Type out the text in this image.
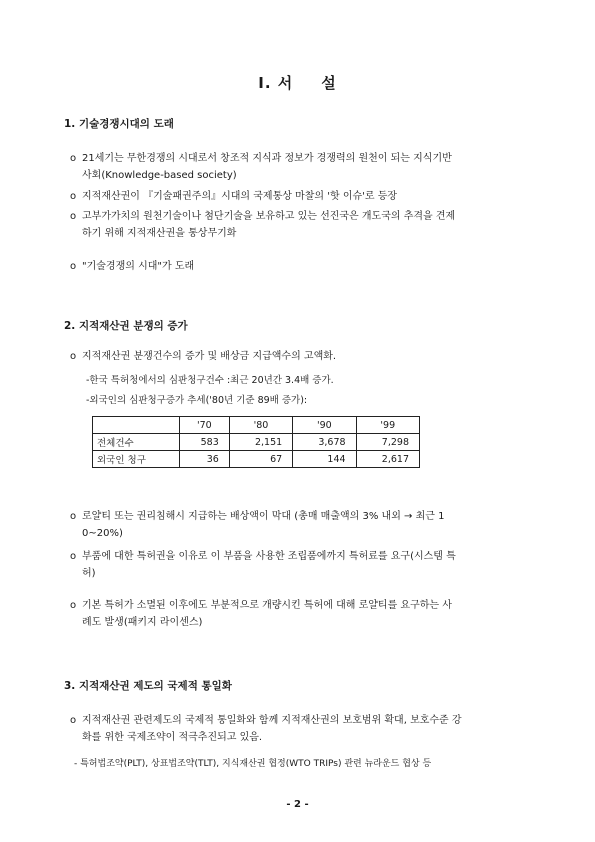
Ⅰ. 서 설
1. 기술경쟁시대의 도래
ο 21세기는 무한경쟁의 시대로서 창조적 지식과 정보가 경쟁력의 원천이 되는 지식기반
사회(Knowledge-based society)
ο 지적재산권이 『기술패권주의』시대의 국제통상 마찰의 '핫 이슈'로 등장
ο 고부가가치의 원천기술이나 첨단기술을 보유하고 있는 선진국은 개도국의 추격을 견제
하기 위해 지적재산권을 통상무기화
ο "기술경쟁의 시대"가 도래
2. 지적재산권 분쟁의 증가
ο 지적재산권 분쟁건수의 증가 및 배상금 지급액수의 고액화.
-한국 특허청에서의 심판청구건수 :최근 20년간 3.4배 증가.
-외국인의 심판청구증가 추세('80년 기준 89배 증가):
	'70	'80	'90	'99
전체건수	583	2,151	3,678	7,298
외국인 청구	36	67	144	2,617
ο 로얄티 또는 권리침해시 지급하는 배상액이 막대 (총매 매출액의 3% 내외 → 최근 1
0~20%)
ο 부품에 대한 특허권을 이유로 이 부품을 사용한 조립품에까지 특허료를 요구(시스템 특
허)
ο 기본 특허가 소멸된 이후에도 부분적으로 개량시킨 특허에 대해 로얄티를 요구하는 사
례도 발생(패키지 라이센스)
3. 지적재산권 제도의 국제적 통일화
ο 지적재산권 관련제도의 국제적 통일화와 함께 지적재산권의 보호범위 확대, 보호수준 강
화를 위한 국제조약이 적극추진되고 있음.
- 특허법조약(PLT), 상표법조약(TLT), 지식재산권 협정(WTO TRIPs) 관련 뉴라운드 협상 등
- 2 -
